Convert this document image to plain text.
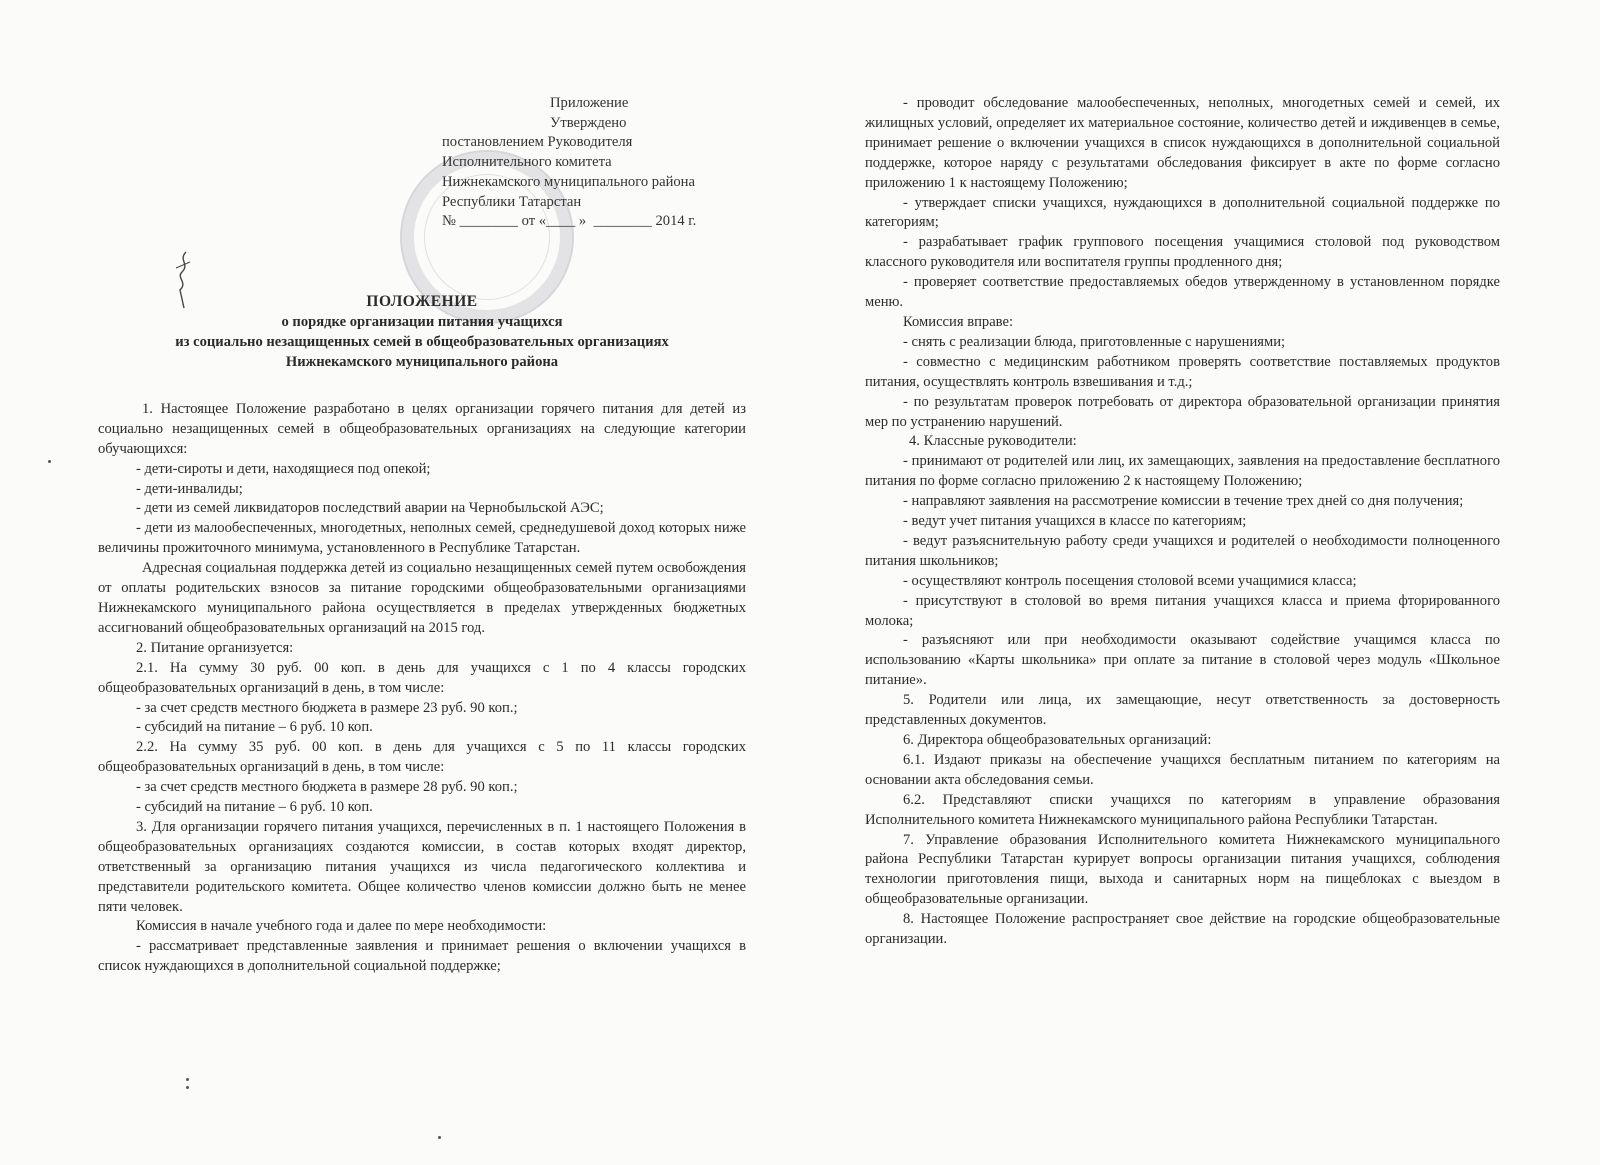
Приложение
Утверждено
постановлением Руководителя
Исполнительного комитета
Нижнекамского муниципального района
Республики Татарстан
№ ________ от «____ »  ________ 2014 г.
ПОЛОЖЕНИЕ
о порядке организации питания учащихся
из социально незащищенных семей в общеобразовательных организациях
Нижнекамского муниципального района

1. Настоящее Положение разработано в целях организации горячего питания для детей из социально незащищенных семей в общеобразовательных организациях на следующие категории обучающихся:

- дети-сироты и дети, находящиеся под опекой;

- дети-инвалиды;

- дети из семей ликвидаторов последствий аварии на Чернобыльской АЭС;

- дети из малообеспеченных, многодетных, неполных семей, среднедушевой доход которых ниже величины прожиточного минимума, установленного в Республике Татарстан.

Адресная социальная поддержка детей из социально незащищенных семей путем освобождения от оплаты родительских взносов за питание городскими общеобразовательными организациями Нижнекамского муниципального района осуществляется в пределах утвержденных бюджетных ассигнований общеобразовательных организаций на 2015 год.

2. Питание организуется:

2.1. На сумму 30 руб. 00 коп. в день для учащихся с 1 по 4 классы городских общеобразовательных организаций в день, в том числе:

- за счет средств местного бюджета в размере 23 руб. 90 коп.;

- субсидий на питание – 6 руб. 10 коп.

2.2. На сумму 35 руб. 00 коп. в день для учащихся с 5 по 11 классы городских общеобразовательных организаций в день, в том числе:

- за счет средств местного бюджета в размере 28 руб. 90 коп.;

- субсидий на питание – 6 руб. 10 коп.

3. Для организации горячего питания учащихся, перечисленных в п. 1 настоящего Положения в общеобразовательных организациях создаются комиссии, в состав которых входят директор, ответственный за организацию питания учащихся из числа педагогического коллектива и представители родительского комитета. Общее количество членов комиссии должно быть не менее пяти человек.

Комиссия в начале учебного года и далее по мере необходимости:

- рассматривает представленные заявления и принимает решения о включении учащихся в список нуждающихся в дополнительной социальной поддержке;

- проводит обследование малообеспеченных, неполных, многодетных семей и семей, их жилищных условий, определяет их материальное состояние, количество детей и иждивенцев в семье, принимает решение о включении учащихся в список нуждающихся в дополнительной социальной поддержке, которое наряду с результатами обследования фиксирует в акте по форме согласно приложению 1 к настоящему Положению;

- утверждает списки учащихся, нуждающихся в дополнительной социальной поддержке по категориям;

- разрабатывает график группового посещения учащимися столовой под руководством классного руководителя или воспитателя группы продленного дня;

- проверяет соответствие предоставляемых обедов утвержденному в установленном порядке меню.

Комиссия вправе:

- снять с реализации блюда, приготовленные с нарушениями;

- совместно с медицинским работником проверять соответствие поставляемых продуктов питания, осуществлять контроль взвешивания и т.д.;

- по результатам проверок потребовать от директора образовательной организации принятия мер по устранению нарушений.

4. Классные руководители:

- принимают от родителей или лиц, их замещающих, заявления на предоставление бесплатного питания по форме согласно приложению 2 к настоящему Положению;

- направляют заявления на рассмотрение комиссии в течение трех дней со дня получения;

- ведут учет питания учащихся в классе по категориям;

- ведут разъяснительную работу среди учащихся и родителей о необходимости полноценного питания школьников;

- осуществляют контроль посещения столовой всеми учащимися класса;

- присутствуют в столовой во время питания учащихся класса и приема фторированного молока;

- разъясняют или при необходимости оказывают содействие учащимся класса по использованию «Карты школьника» при оплате за питание в столовой через модуль «Школьное питание».

5. Родители или лица, их замещающие, несут ответственность за достоверность представленных документов.

6. Директора общеобразовательных организаций:

6.1. Издают приказы на обеспечение учащихся бесплатным питанием по категориям на основании акта обследования семьи.

6.2. Представляют списки учащихся по категориям в управление образования Исполнительного комитета Нижнекамского муниципального района Республики Татарстан.

7. Управление образования Исполнительного комитета Нижнекамского муниципального района Республики Татарстан курирует вопросы организации питания учащихся, соблюдения технологии приготовления пищи, выхода и санитарных норм на пищеблоках с выездом в общеобразовательные организации.

8. Настоящее Положение распространяет свое действие на городские общеобразовательные организации.
